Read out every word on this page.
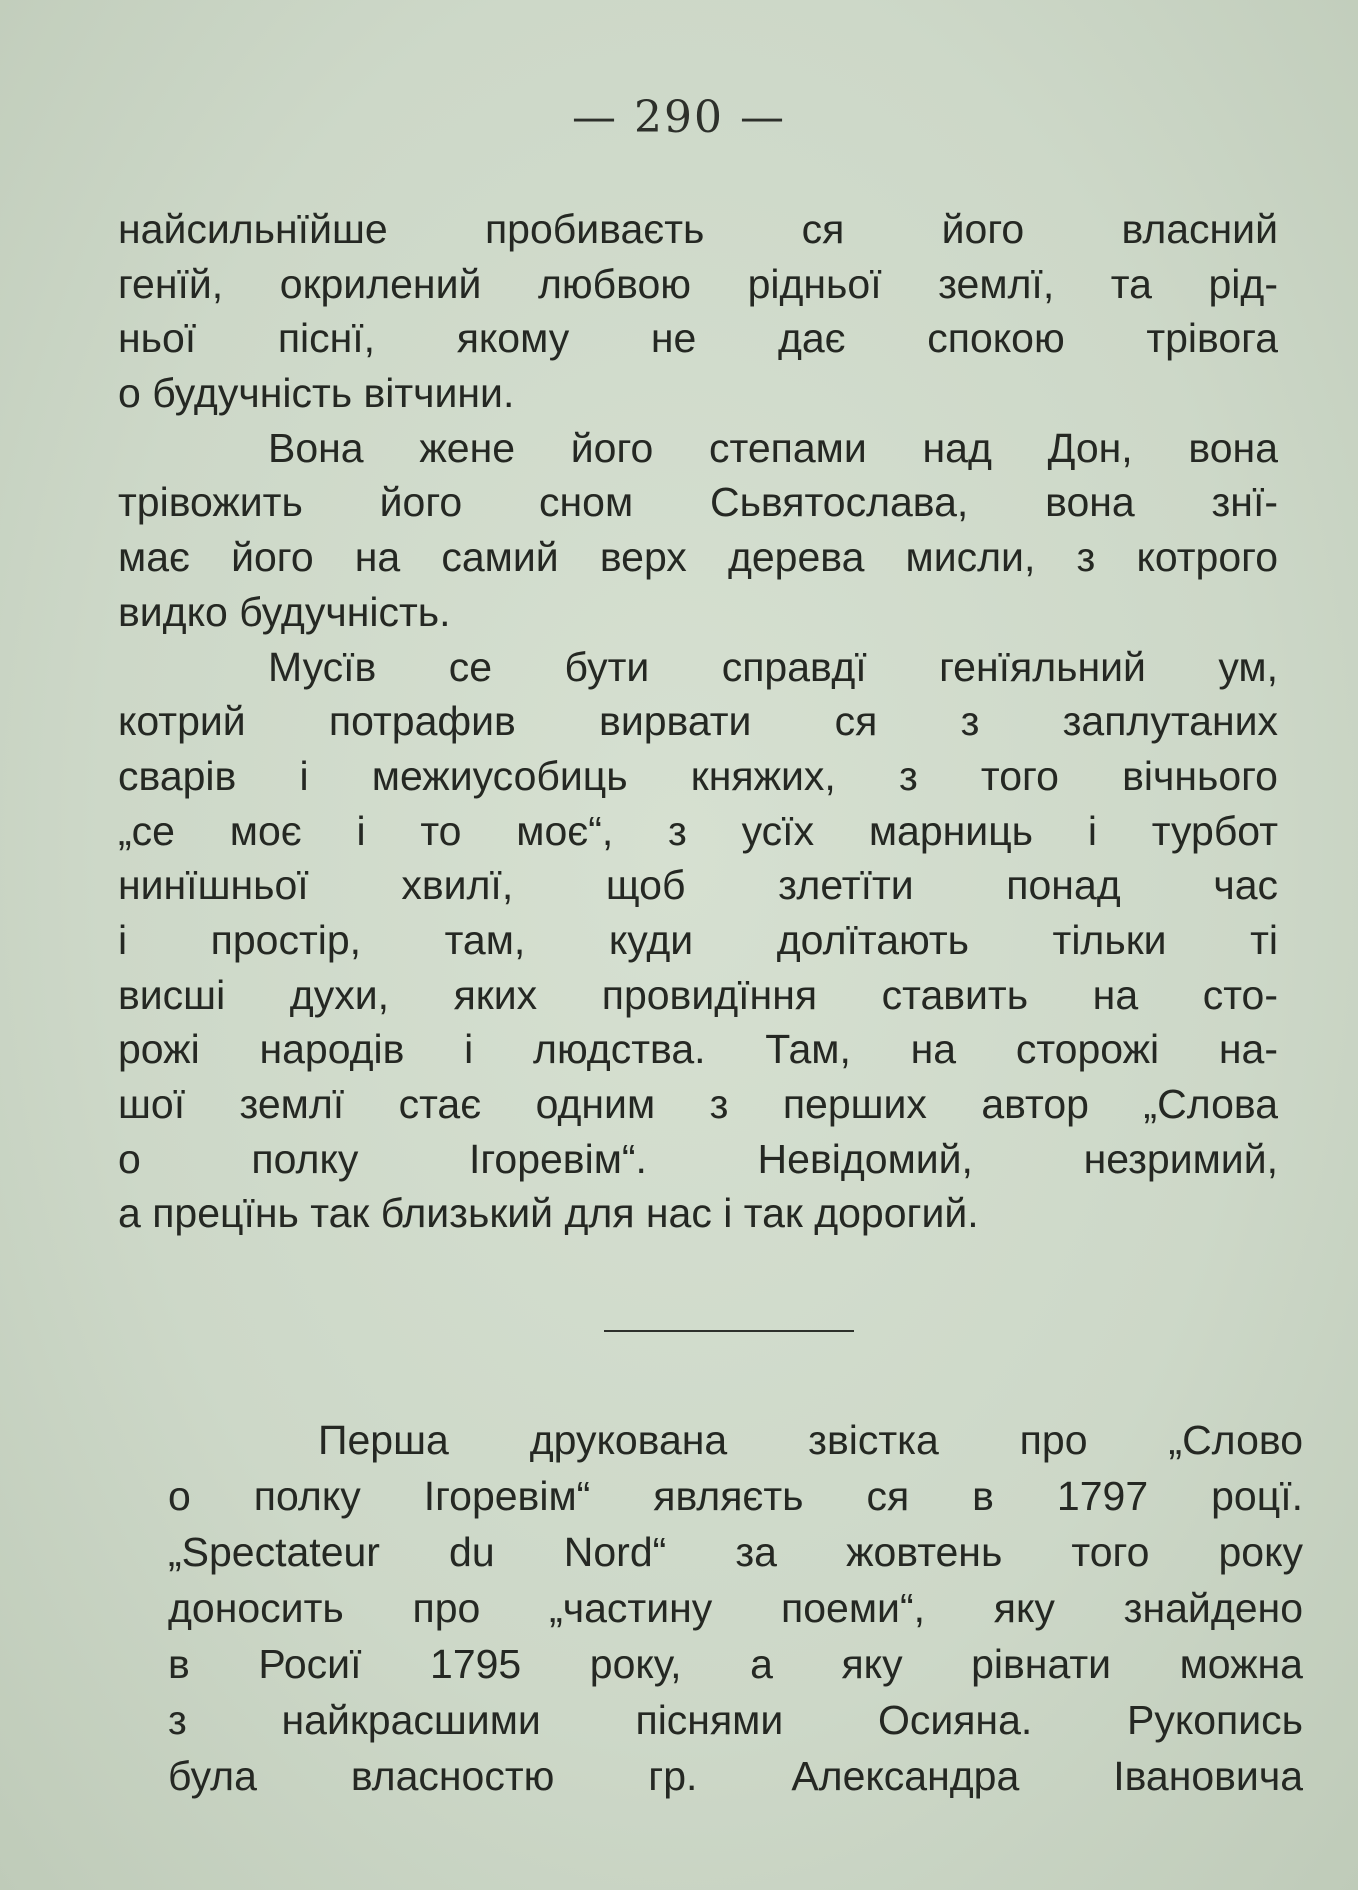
— 290 —
найсильнїйше пробиваєть ся його власний
генїй, окрилений любвою рідньої землї, та рід-
ньої піснї, якому не дає спокою трівога
о будучність вітчини.
Вона жене його степами над Дон, вона
трівожить його сном Сьвятослава, вона знї-
має його на самий верх дерева мисли, з котрого
видко будучність.
Мусїв се бути справдї генїяльний ум,
котрий потрафив вирвати ся з заплутаних
сварів і межиусобиць княжих, з того вічнього
„се моє і то моє“, з усїх марниць і турбот
нинїшньої хвилї, щоб злетїти понад час
і простір, там, куди долїтають тільки ті
висші духи, яких провидїння ставить на сто-
рожі народів і людства. Там, на сторожі на-
шої землї стає одним з перших автор „Слова
о полку Ігоревім“. Невідомий, незримий,
а прецїнь так близький для нас і так дорогий.
Перша друкована звістка про „Слово
о полку Ігоревім“ являєть ся в 1797 роцї.
„Spectateur du Nord“ за жовтень того року
доносить про „частину поеми“, яку знайдено
в Росиї 1795 року, а яку рівнати можна
з найкрасшими піснями Осияна. Рукопись
була власностю гр. Александра Івановича
